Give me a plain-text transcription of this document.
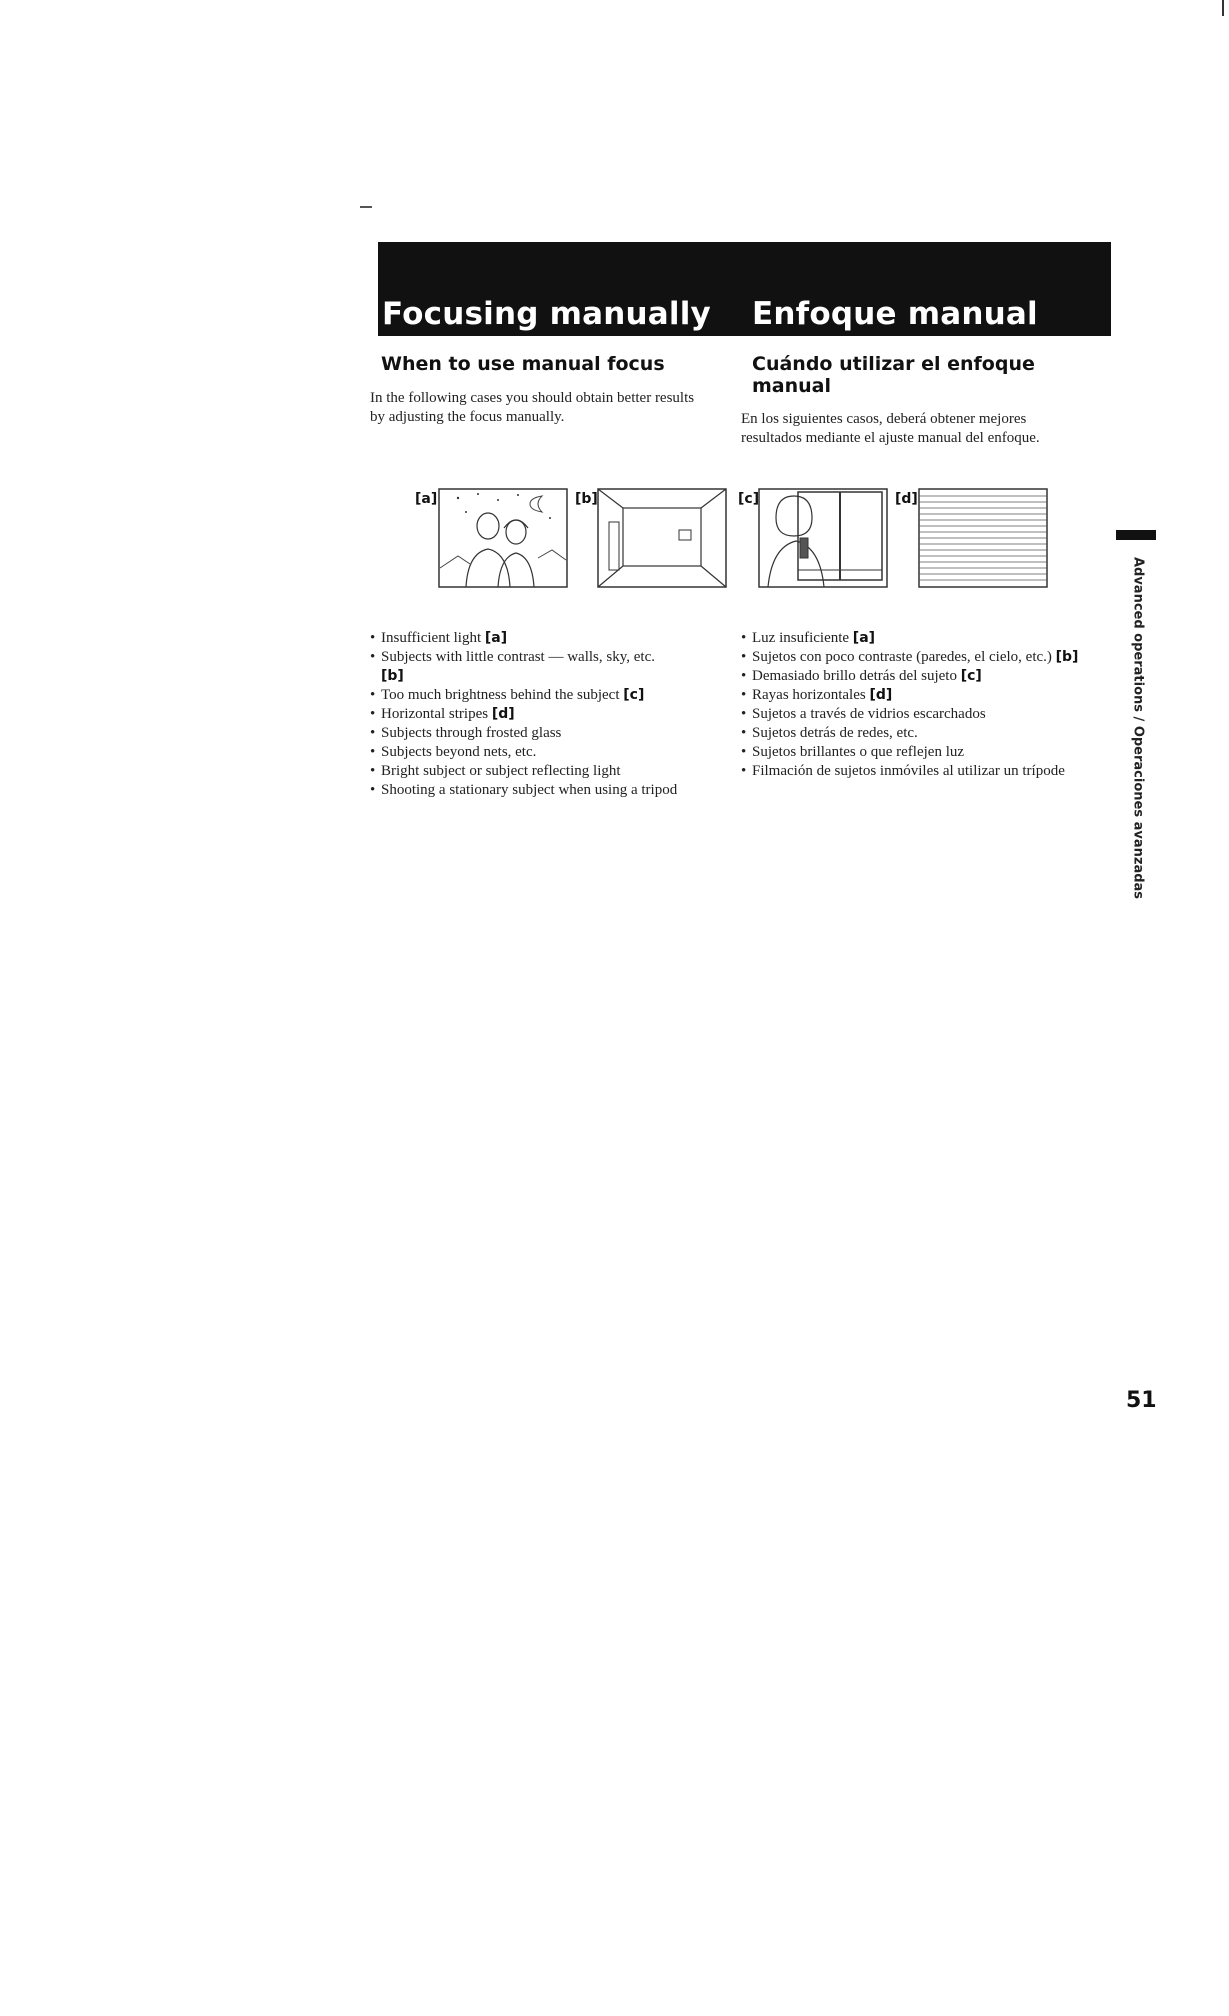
Focusing manually Enfoque manual
When to use manual focus
In the following cases you should obtain better results by adjusting the focus manually.
Cuándo utilizar el enfoque manual
En los siguientes casos, deberá obtener mejores resultados mediante el ajuste manual del enfoque.
[a]	[b]	[c]	[d]
• Insufficient light [a]
• Subjects with little contrast — walls, sky, etc.
[b]
• Too much brightness behind the subject [c]
• Horizontal stripes [d]
• Subjects through frosted glass
• Subjects beyond nets, etc.
• Bright subject or subject reflecting light
• Shooting a stationary subject when using a tripod
• Luz insuficiente [a]
• Sujetos con poco contraste (paredes, el cielo, etc.) [b]
• Demasiado brillo detrás del sujeto [c]
• Rayas horizontales [d]
• Sujetos a través de vidrios escarchados
• Sujetos detrás de redes, etc.
• Sujetos brillantes o que reflejen luz
• Filmación de sujetos inmóviles al utilizar un trípode	Advanced operations / Operaciones avanzadas
51
